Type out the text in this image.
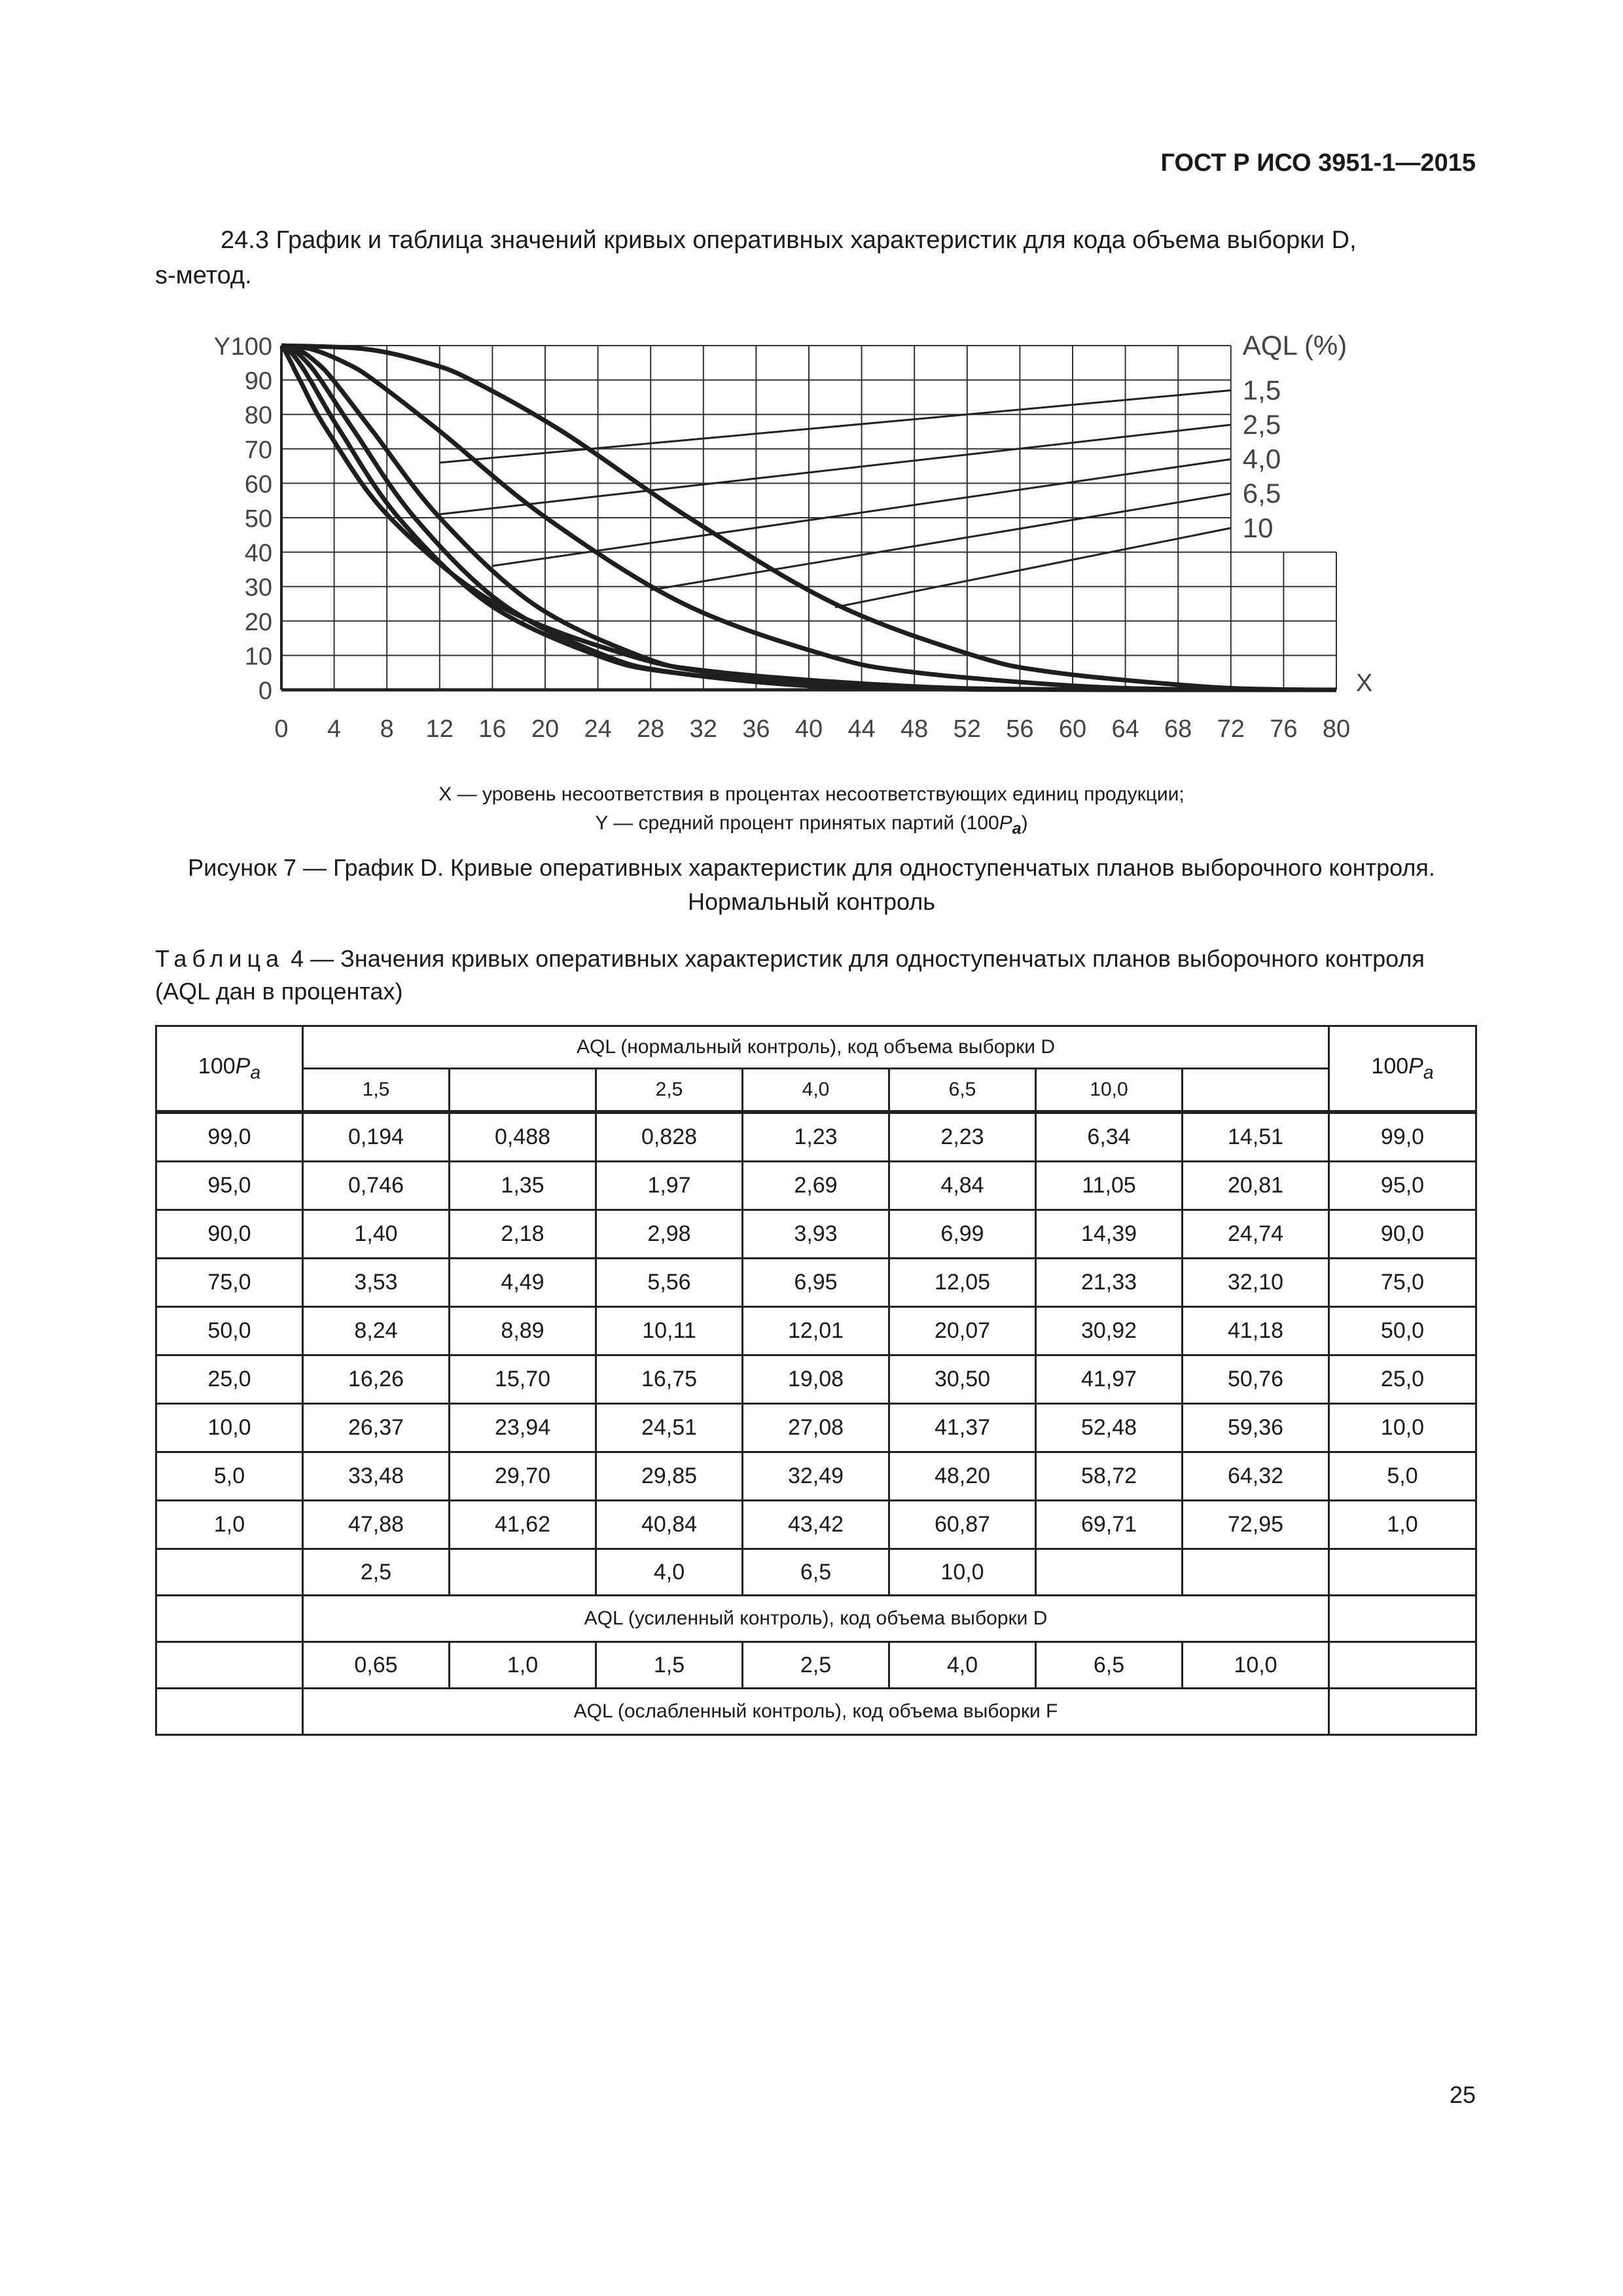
ГОСТ Р ИСО 3951-1—2015
24.3 График и таблица значений кривых оперативных характеристик для кода объема выборки D,
s-метод.
0 4 8 12 16 20 24 28 32 36 40 44 48 52 56 60 64 68 72 76 80
0
10
20
30
40
50
60
70
80
90
100
Y
X
AQL (%)
1,5
2,5
4,0
6,5
10
X — уровень несоответствия в процентах несоответствующих единиц продукции;
Y — средний процент принятых партий $(100P_a)$
Рисунок 7 — График D. Кривые оперативных характеристик для одноступенчатых планов выборочного контроля.
Нормальный контроль
Таблица 4 — Значения кривых оперативных характеристик для одноступенчатых планов выборочного контроля
(AQL дан в процентах)
$100P_a$	AQL (нормальный контроль), код объема выборки D							$100P_a$
	1,5		2,5	4,0	6,5	10,0		
99,0	0,194	0,488	0,828	1,23	2,23	6,34	14,51	99,0
95,0	0,746	1,35	1,97	2,69	4,84	11,05	20,81	95,0
90,0	1,40	2,18	2,98	3,93	6,99	14,39	24,74	90,0
75,0	3,53	4,49	5,56	6,95	12,05	21,33	32,10	75,0
50,0	8,24	8,89	10,11	12,01	20,07	30,92	41,18	50,0
25,0	16,26	15,70	16,75	19,08	30,50	41,97	50,76	25,0
10,0	26,37	23,94	24,51	27,08	41,37	52,48	59,36	10,0
5,0	33,48	29,70	29,85	32,49	48,20	58,72	64,32	5,0
1,0	47,88	41,62	40,84	43,42	60,87	69,71	72,95	1,0
	2,5		4,0	6,5	10,0			
	AQL (усиленный контроль), код объема выборки D							
	0,65	1,0	1,5	2,5	4,0	6,5	10,0	
	AQL (ослабленный контроль), код объема выборки F							
25
